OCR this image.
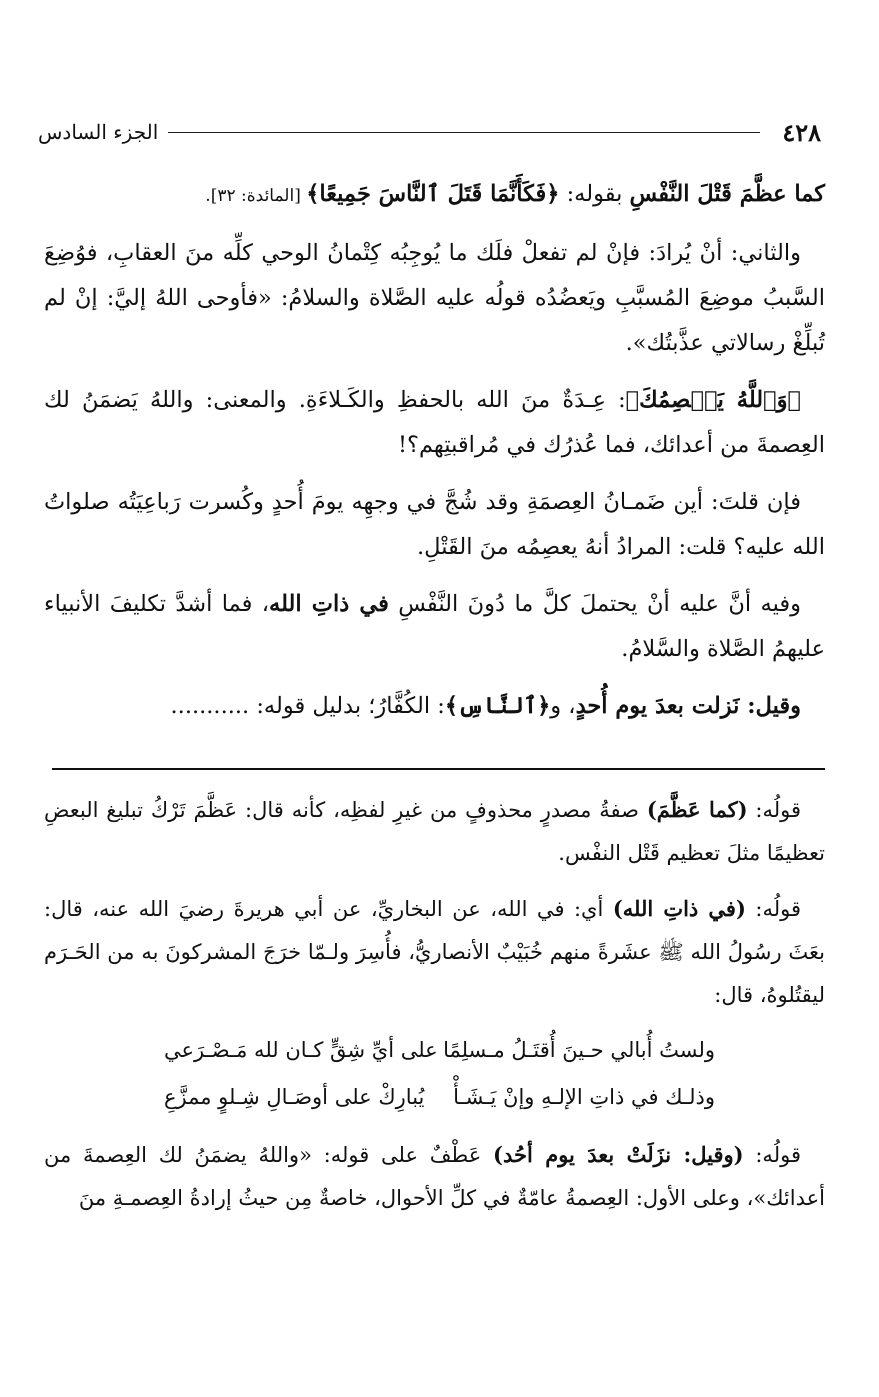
٤٢٨
الجزء السادس

كما عظَّمَ قَتْلَ النَّفْسِ بقوله: ﴿فَكَأَنَّمَا قَتَلَ ٱلنَّاسَ جَمِيعًا﴾ [المائدة: ٣٢].

والثاني: أنْ يُرادَ: فإنْ لم تفعلْ فلَك ما يُوجِبُه كِتْمانُ الوحي كلِّه منَ العقابِ، فوُضِعَ السَّببُ موضِعَ المُسبَّبِ ويَعضُدُه قولُه عليه الصَّلاة والسلامُ: «فأوحى اللهُ إليَّ: إنْ لم تُبلِّغْ رسالاتي عذَّبتُك».

﴿وَٱللَّهُ يَعۡصِمُكَ﴾: عِـدَةٌ منَ الله بالحفظِ والكَـلاءَةِ. والمعنى: واللهُ يَضمَنُ لك العِصمةَ من أعدائك، فما عُذرُك في مُراقبتِهم؟!

فإن قلتَ: أين ضَمـانُ العِصمَةِ وقد شُجَّ في وجهِه يومَ أُحدٍ وكُسرت رَباعِيَتُه صلواتُ الله عليه؟ قلت: المرادُ أنهُ يعصِمُه منَ القَتْلِ.

وفيه أنَّ عليه أنْ يحتملَ كلَّ ما دُونَ النَّفْسِ في ذاتِ الله، فما أشدَّ تكليفَ الأنبياء عليهمُ الصَّلاة والسَّلامُ.

وقيل: نَزلت بعدَ يوم أُحدٍ، و﴿ٱلنَّاسِ﴾: الكُفَّارُ؛ بدليل قوله: ...........

قولُه: (كما عَظَّمَ) صفةُ مصدرٍ محذوفٍ من غيرِ لفظِه، كأنه قال: عَظَّمَ تَرْكُ تبليغ البعضِ تعظيمًا مثلَ تعظيم قَتْل النفْس.

قولُه: (في ذاتِ الله) أي: في الله، عن البخاريِّ، عن أبي هريرةَ رضيَ الله عنه، قال: بعَثَ رسُولُ الله ﷺ عشَرةً منهم خُبَيْبٌ الأنصاريُّ، فأُسِرَ ولـمّا خرَجَ المشركونَ به من الحَـرَم ليقتُلوهُ، قال:

ولستُ أُبالي حـينَ أُقتَـلُ مـسلِمًا
على أيِّ شِقٍّ كـان لله مَـصْـرَعي
وذلـك في ذاتِ الإلـهِ وإنْ يَـشَـأْ
يُبارِكْ على أوصَـالِ شِـلوٍ ممزَّعِ

قولُه: (وقيل: نزَلَتْ بعدَ يوم أحُد) عَطْفٌ على قوله: «واللهُ يضمَنُ لك العِصمةَ من أعدائك»، وعلى الأول: العِصمةُ عامّةٌ في كلِّ الأحوال، خاصةٌ مِن حيثُ إرادةُ العِصمـةِ منَ
